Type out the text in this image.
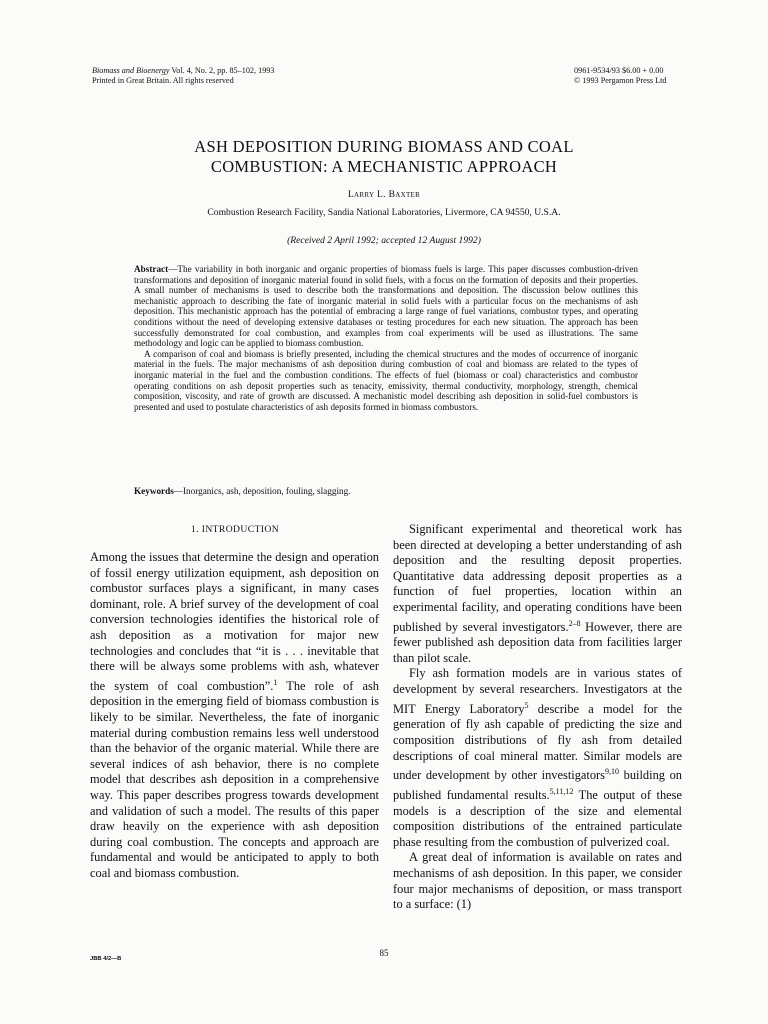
Biomass and Bioenergy Vol. 4, No. 2, pp. 85–102, 1993
Printed in Great Britain. All rights reserved
0961-9534/93 $6.00 + 0.00
© 1993 Pergamon Press Ltd
ASH DEPOSITION DURING BIOMASS AND COAL
COMBUSTION: A MECHANISTIC APPROACH
Larry L. Baxter
Combustion Research Facility, Sandia National Laboratories, Livermore, CA 94550, U.S.A.
(Received 2 April 1992; accepted 12 August 1992)

Abstract—The variability in both inorganic and organic properties of biomass fuels is large. This paper discusses combustion-driven transformations and deposition of inorganic material found in solid fuels, with a focus on the formation of deposits and their properties. A small number of mechanisms is used to describe both the transformations and deposition. The discussion below outlines this mechanistic approach to describing the fate of inorganic material in solid fuels with a particular focus on the mechanisms of ash deposition. This mechanistic approach has the potential of embracing a large range of fuel variations, combustor types, and operating conditions without the need of developing extensive databases or testing procedures for each new situation. The approach has been successfully demonstrated for coal combustion, and examples from coal experiments will be used as illustrations. The same methodology and logic can be applied to biomass combustion.

A comparison of coal and biomass is briefly presented, including the chemical structures and the modes of occurrence of inorganic material in the fuels. The major mechanisms of ash deposition during combustion of coal and biomass are related to the types of inorganic material in the fuel and the combustion conditions. The effects of fuel (biomass or coal) characteristics and combustor operating conditions on ash deposit properties such as tenacity, emissivity, thermal conductivity, morphology, strength, chemical composition, viscosity, and rate of growth are discussed. A mechanistic model describing ash deposition in solid-fuel combustors is presented and used to postulate characteristics of ash deposits formed in biomass combustors.

Keywords—Inorganics, ash, deposition, fouling, slagging.
1. INTRODUCTION

Among the issues that determine the design and operation of fossil energy utilization equipment, ash deposition on combustor surfaces plays a significant, in many cases dominant, role. A brief survey of the development of coal conversion technologies identifies the historical role of ash deposition as a motivation for major new technologies and concludes that “it is . . . inevitable that there will be always some problems with ash, whatever the system of coal combustion”.$^1$ The role of ash deposition in the emerging field of biomass combustion is likely to be similar. Nevertheless, the fate of inorganic material during combustion remains less well understood than the behavior of the organic material. While there are several indices of ash behavior, there is no complete model that describes ash deposition in a comprehensive way. This paper describes progress towards development and validation of such a model. The results of this paper draw heavily on the experience with ash deposition during coal combustion. The concepts and approach are fundamental and would be anticipated to apply to both coal and biomass combustion.

Significant experimental and theoretical work has been directed at developing a better understanding of ash deposition and the resulting deposit properties. Quantitative data addressing deposit properties as a function of fuel properties, location within an experimental facility, and operating conditions have been published by several investigators.$^{2-8}$ However, there are fewer published ash deposition data from facilities larger than pilot scale.

Fly ash formation models are in various states of development by several researchers. Investigators at the MIT Energy Laboratory$^5$ describe a model for the generation of fly ash capable of predicting the size and composition distributions of fly ash from detailed descriptions of coal mineral matter. Similar models are under development by other investigators$^{9,10}$ building on published fundamental results.$^{5,11,12}$ The output of these models is a description of the size and elemental composition distributions of the entrained particulate phase resulting from the combustion of pulverized coal.

A great deal of information is available on rates and mechanisms of ash deposition. In this paper, we consider four major mechanisms of deposition, or mass transport to a surface: (1)

85
JBB 4/2—B
